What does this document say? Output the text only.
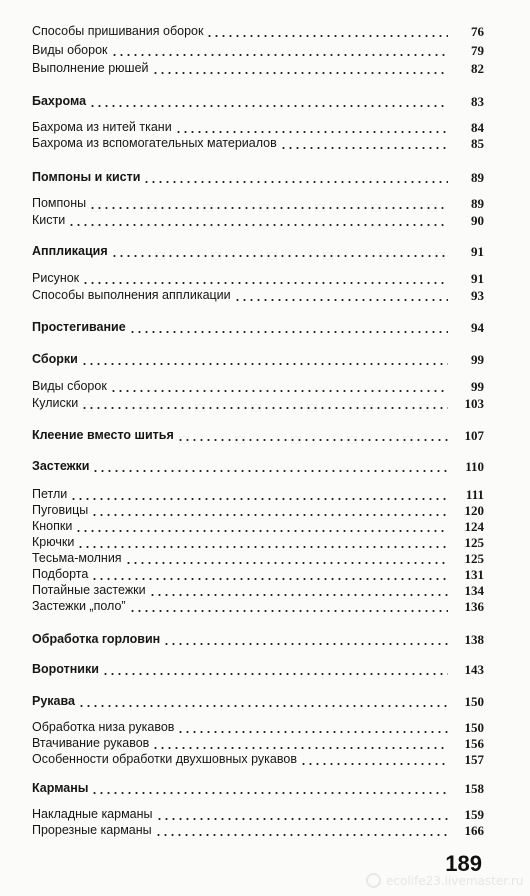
Способы пришивания оборок	76
Виды оборок	79
Выполнение рюшей	82
Бахрома	83
Бахрома из нитей ткани	84
Бахрома из вспомогательных материалов	85
Помпоны и кисти	89
Помпоны	89
Кисти	90
Аппликация	91
Рисунок	91
Способы выполнения аппликации	93
Простегивание	94
Сборки	99
Виды сборок	99
Кулиски	103
Клеение вместо шитья	107
Застежки	110
Петли	111
Пуговицы	120
Кнопки	124
Крючки	125
Тесьма-молния	125
Подборта	131
Потайные застежки	134
Застежки „поло”	136
Обработка горловин	138
Воротники	143
Рукава	150
Обработка низа рукавов	150
Втачивание рукавов	156
Особенности обработки двухшовных рукавов	157
Карманы	158
Накладные карманы	159
Прорезные карманы	166
189
ecolife23.livemaster.ru
